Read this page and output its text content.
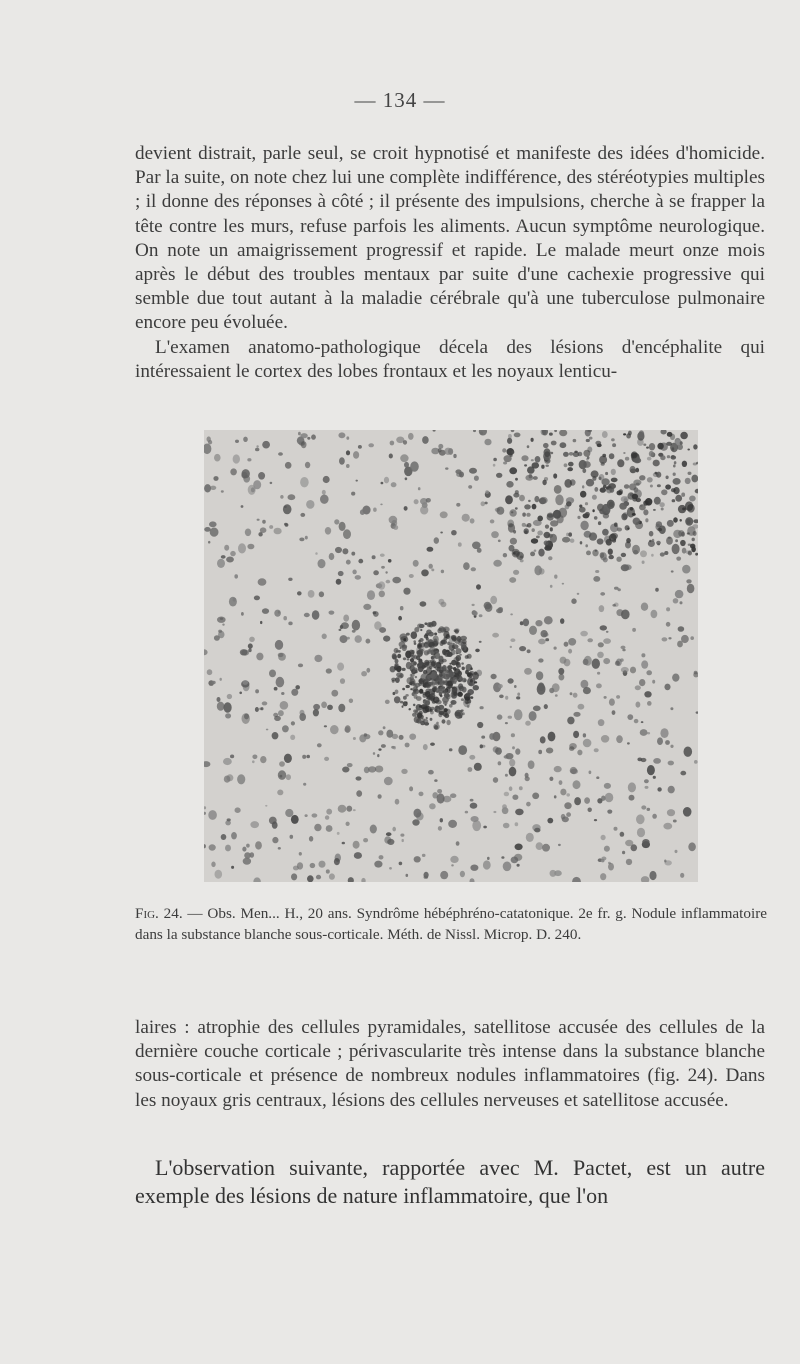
— 134 —

devient distrait, parle seul, se croit hypnotisé et manifeste des idées d'homicide. Par la suite, on note chez lui une complète indifférence, des stéréotypies multiples ; il donne des réponses à côté ; il présente des impulsions, cherche à se frapper la tête contre les murs, refuse parfois les aliments. Aucun symptôme neurologique. On note un amaigrissement progressif et rapide. Le malade meurt onze mois après le début des troubles mentaux par suite d'une cachexie progressive qui semble due tout autant à la maladie cérébrale qu'à une tuberculose pulmonaire encore peu évoluée.
L'examen anatomo-pathologique décela des lésions d'encéphalite qui intéressaient le cortex des lobes frontaux et les noyaux lenticu-

Fig. 24. — Obs. Men... H., 20 ans. Syndrôme hébéphréno-catatonique. 2e fr. g. Nodule inflammatoire dans la substance blanche sous-corticale. Méth. de Nissl. Microp. D. 240.

laires : atrophie des cellules pyramidales, satellitose accusée des cellules de la dernière couche corticale ; périvascularite très intense dans la substance blanche sous-corticale et présence de nombreux nodules inflammatoires (fig. 24). Dans les noyaux gris centraux, lésions des cellules nerveuses et satellitose accusée.

L'observation suivante, rapportée avec M. Pactet, est un autre exemple des lésions de nature inflammatoire, que l'on
